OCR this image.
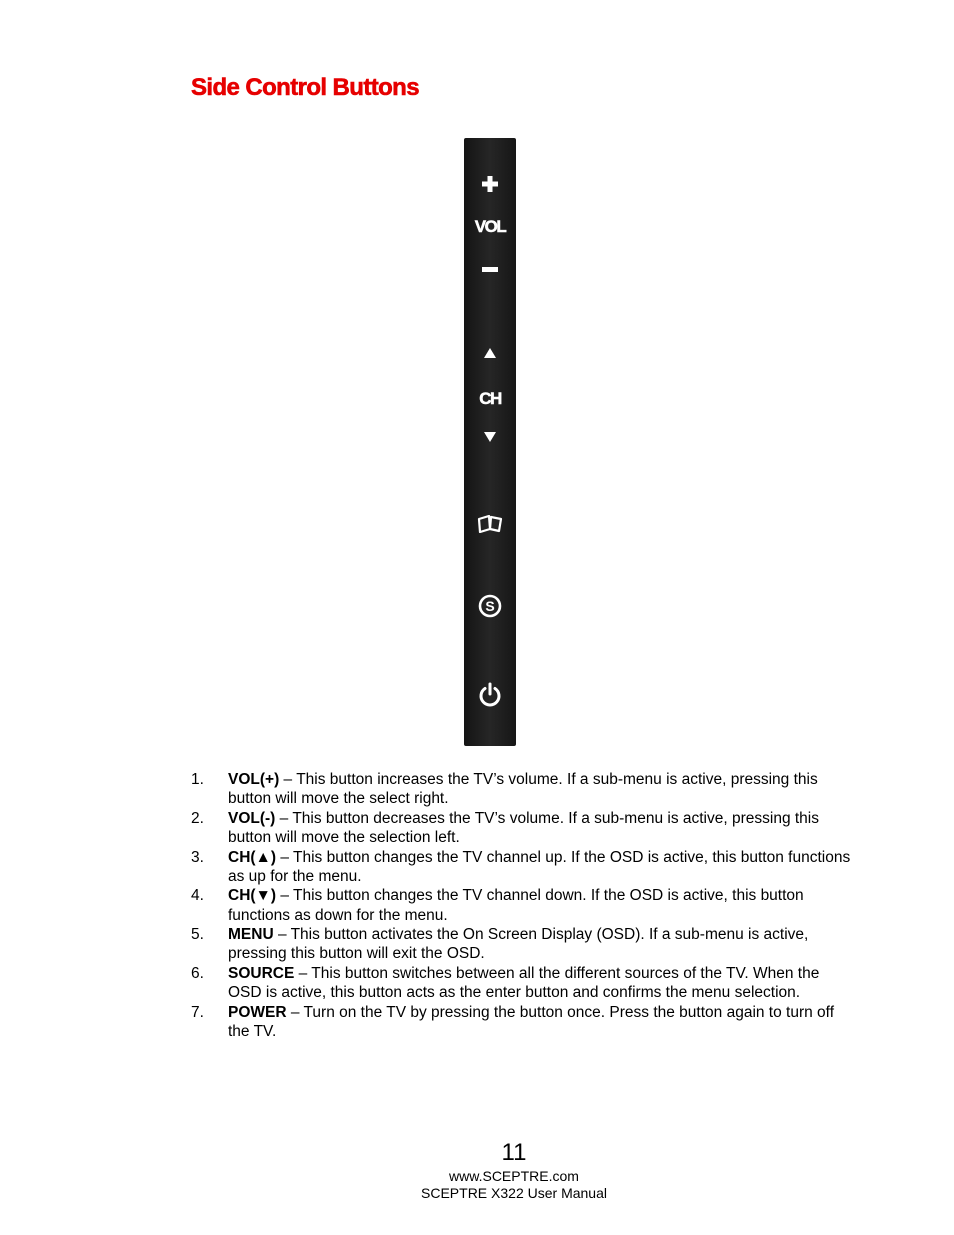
Side Control Buttons
VOL
CH
S
1. VOL(+) – This button increases the TV’s volume. If a sub-menu is active, pressing this button will move the select right.
2. VOL(-) – This button decreases the TV’s volume. If a sub-menu is active, pressing this button will move the selection left.
3. CH(▲) – This button changes the TV channel up. If the OSD is active, this button functions as up for the menu.
4. CH(▼) – This button changes the TV channel down. If the OSD is active, this button functions as down for the menu.
5. MENU – This button activates the On Screen Display (OSD). If a sub-menu is active, pressing this button will exit the OSD.
6. SOURCE – This button switches between all the different sources of the TV. When the OSD is active, this button acts as the enter button and confirms the menu selection.
7. POWER – Turn on the TV by pressing the button once. Press the button again to turn off the TV.
11
www.SCEPTRE.com
SCEPTRE X322 User Manual
